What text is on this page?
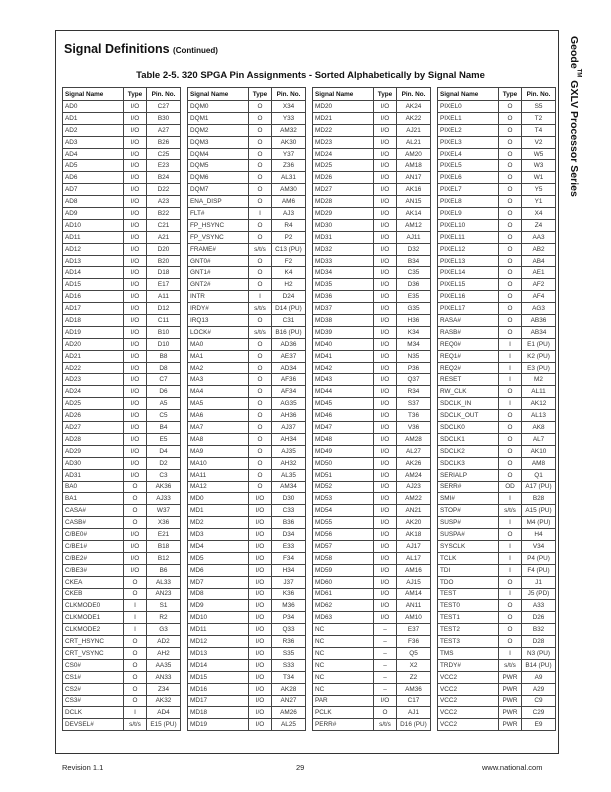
Signal Definitions (Continued)
Table 2-5. 320 SPGA Pin Assignments - Sorted Alphabetically by Signal Name
Geode™ GXLV Processor Series
Signal Name	Type	Pin. No.
AD0	I/O	C27
AD1	I/O	B30
AD2	I/O	A27
AD3	I/O	B26
AD4	I/O	C25
AD5	I/O	E23
AD6	I/O	B24
AD7	I/O	D22
AD8	I/O	A23
AD9	I/O	B22
AD10	I/O	C21
AD11	I/O	A21
AD12	I/O	D20
AD13	I/O	B20
AD14	I/O	D18
AD15	I/O	E17
AD16	I/O	A11
AD17	I/O	D12
AD18	I/O	C11
AD19	I/O	B10
AD20	I/O	D10
AD21	I/O	B8
AD22	I/O	D8
AD23	I/O	C7
AD24	I/O	D6
AD25	I/O	A5
AD26	I/O	C5
AD27	I/O	B4
AD28	I/O	E5
AD29	I/O	D4
AD30	I/O	D2
AD31	I/O	C3
BA0	O	AK36
BA1	O	AJ33
CASA#	O	W37
CASB#	O	X36
C/BE0#	I/O	E21
C/BE1#	I/O	B18
C/BE2#	I/O	B12
C/BE3#	I/O	B6
CKEA	O	AL33
CKEB	O	AN23
CLKMODE0	I	S1
CLKMODE1	I	R2
CLKMODE2	I	G3
CRT_HSYNC	O	AD2
CRT_VSYNC	O	AH2
CS0#	O	AA35
CS1#	O	AN33
CS2#	O	Z34
CS3#	O	AK32
DCLK	I	AD4
DEVSEL#	s/t/s	E15 (PU)
Signal Name	Type	Pin. No.
DQM0	O	X34
DQM1	O	Y33
DQM2	O	AM32
DQM3	O	AK30
DQM4	O	Y37
DQM5	O	Z36
DQM6	O	AL31
DQM7	O	AM30
ENA_DISP	O	AM6
FLT#	I	AJ3
FP_HSYNC	O	R4
FP_VSYNC	O	P2
FRAME#	s/t/s	C13 (PU)
GNT0#	O	F2
GNT1#	O	K4
GNT2#	O	H2
INTR	I	D24
IRDY#	s/t/s	D14 (PU)
IRQ13	O	C31
LOCK#	s/t/s	B16 (PU)
MA0	O	AD36
MA1	O	AE37
MA2	O	AD34
MA3	O	AF36
MA4	O	AF34
MA5	O	AG35
MA6	O	AH36
MA7	O	AJ37
MA8	O	AH34
MA9	O	AJ35
MA10	O	AH32
MA11	O	AL35
MA12	O	AM34
MD0	I/O	D30
MD1	I/O	C33
MD2	I/O	B36
MD3	I/O	D34
MD4	I/O	E33
MD5	I/O	F34
MD6	I/O	H34
MD7	I/O	J37
MD8	I/O	K36
MD9	I/O	M36
MD10	I/O	P34
MD11	I/O	Q33
MD12	I/O	R36
MD13	I/O	S35
MD14	I/O	S33
MD15	I/O	T34
MD16	I/O	AK28
MD17	I/O	AN27
MD18	I/O	AM26
MD19	I/O	AL25
Signal Name	Type	Pin. No.
MD20	I/O	AK24
MD21	I/O	AK22
MD22	I/O	AJ21
MD23	I/O	AL21
MD24	I/O	AM20
MD25	I/O	AM18
MD26	I/O	AN17
MD27	I/O	AK16
MD28	I/O	AN15
MD29	I/O	AK14
MD30	I/O	AM12
MD31	I/O	AJ11
MD32	I/O	D32
MD33	I/O	B34
MD34	I/O	C35
MD35	I/O	D36
MD36	I/O	E35
MD37	I/O	G35
MD38	I/O	H36
MD39	I/O	K34
MD40	I/O	M34
MD41	I/O	N35
MD42	I/O	P36
MD43	I/O	Q37
MD44	I/O	R34
MD45	I/O	S37
MD46	I/O	T36
MD47	I/O	V36
MD48	I/O	AM28
MD49	I/O	AL27
MD50	I/O	AK26
MD51	I/O	AM24
MD52	I/O	AJ23
MD53	I/O	AM22
MD54	I/O	AN21
MD55	I/O	AK20
MD56	I/O	AK18
MD57	I/O	AJ17
MD58	I/O	AL17
MD59	I/O	AM16
MD60	I/O	AJ15
MD61	I/O	AM14
MD62	I/O	AN11
MD63	I/O	AM10
NC	–	E37
NC	–	F36
NC	–	Q5
NC	–	X2
NC	–	Z2
NC	–	AM36
PAR	I/O	C17
PCLK	O	AJ1
PERR#	s/t/s	D16 (PU)
Signal Name	Type	Pin. No.
PIXEL0	O	S5
PIXEL1	O	T2
PIXEL2	O	T4
PIXEL3	O	V2
PIXEL4	O	W5
PIXEL5	O	W3
PIXEL6	O	W1
PIXEL7	O	Y5
PIXEL8	O	Y1
PIXEL9	O	X4
PIXEL10	O	Z4
PIXEL11	O	AA3
PIXEL12	O	AB2
PIXEL13	O	AB4
PIXEL14	O	AE1
PIXEL15	O	AF2
PIXEL16	O	AF4
PIXEL17	O	AG3
RASA#	O	AB36
RASB#	O	AB34
REQ0#	I	E1 (PU)
REQ1#	I	K2 (PU)
REQ2#	I	E3 (PU)
RESET	I	M2
RW_CLK	O	AL11
SDCLK_IN	I	AK12
SDCLK_OUT	O	AL13
SDCLK0	O	AK8
SDCLK1	O	AL7
SDCLK2	O	AK10
SDCLK3	O	AM8
SERIALP	O	Q1
SERR#	OD	A17 (PU)
SMI#	I	B28
STOP#	s/t/s	A15 (PU)
SUSP#	I	M4 (PU)
SUSPA#	O	H4
SYSCLK	I	V34
TCLK	I	P4 (PU)
TDI	I	F4 (PU)
TDO	O	J1
TEST	I	J5 (PD)
TEST0	O	A33
TEST1	O	D26
TEST2	O	B32
TEST3	O	D28
TMS	I	N3 (PU)
TRDY#	s/t/s	B14 (PU)
VCC2	PWR	A9
VCC2	PWR	A29
VCC2	PWR	C9
VCC2	PWR	C29
VCC2	PWR	E9
Revision 1.1	29	www.national.com
